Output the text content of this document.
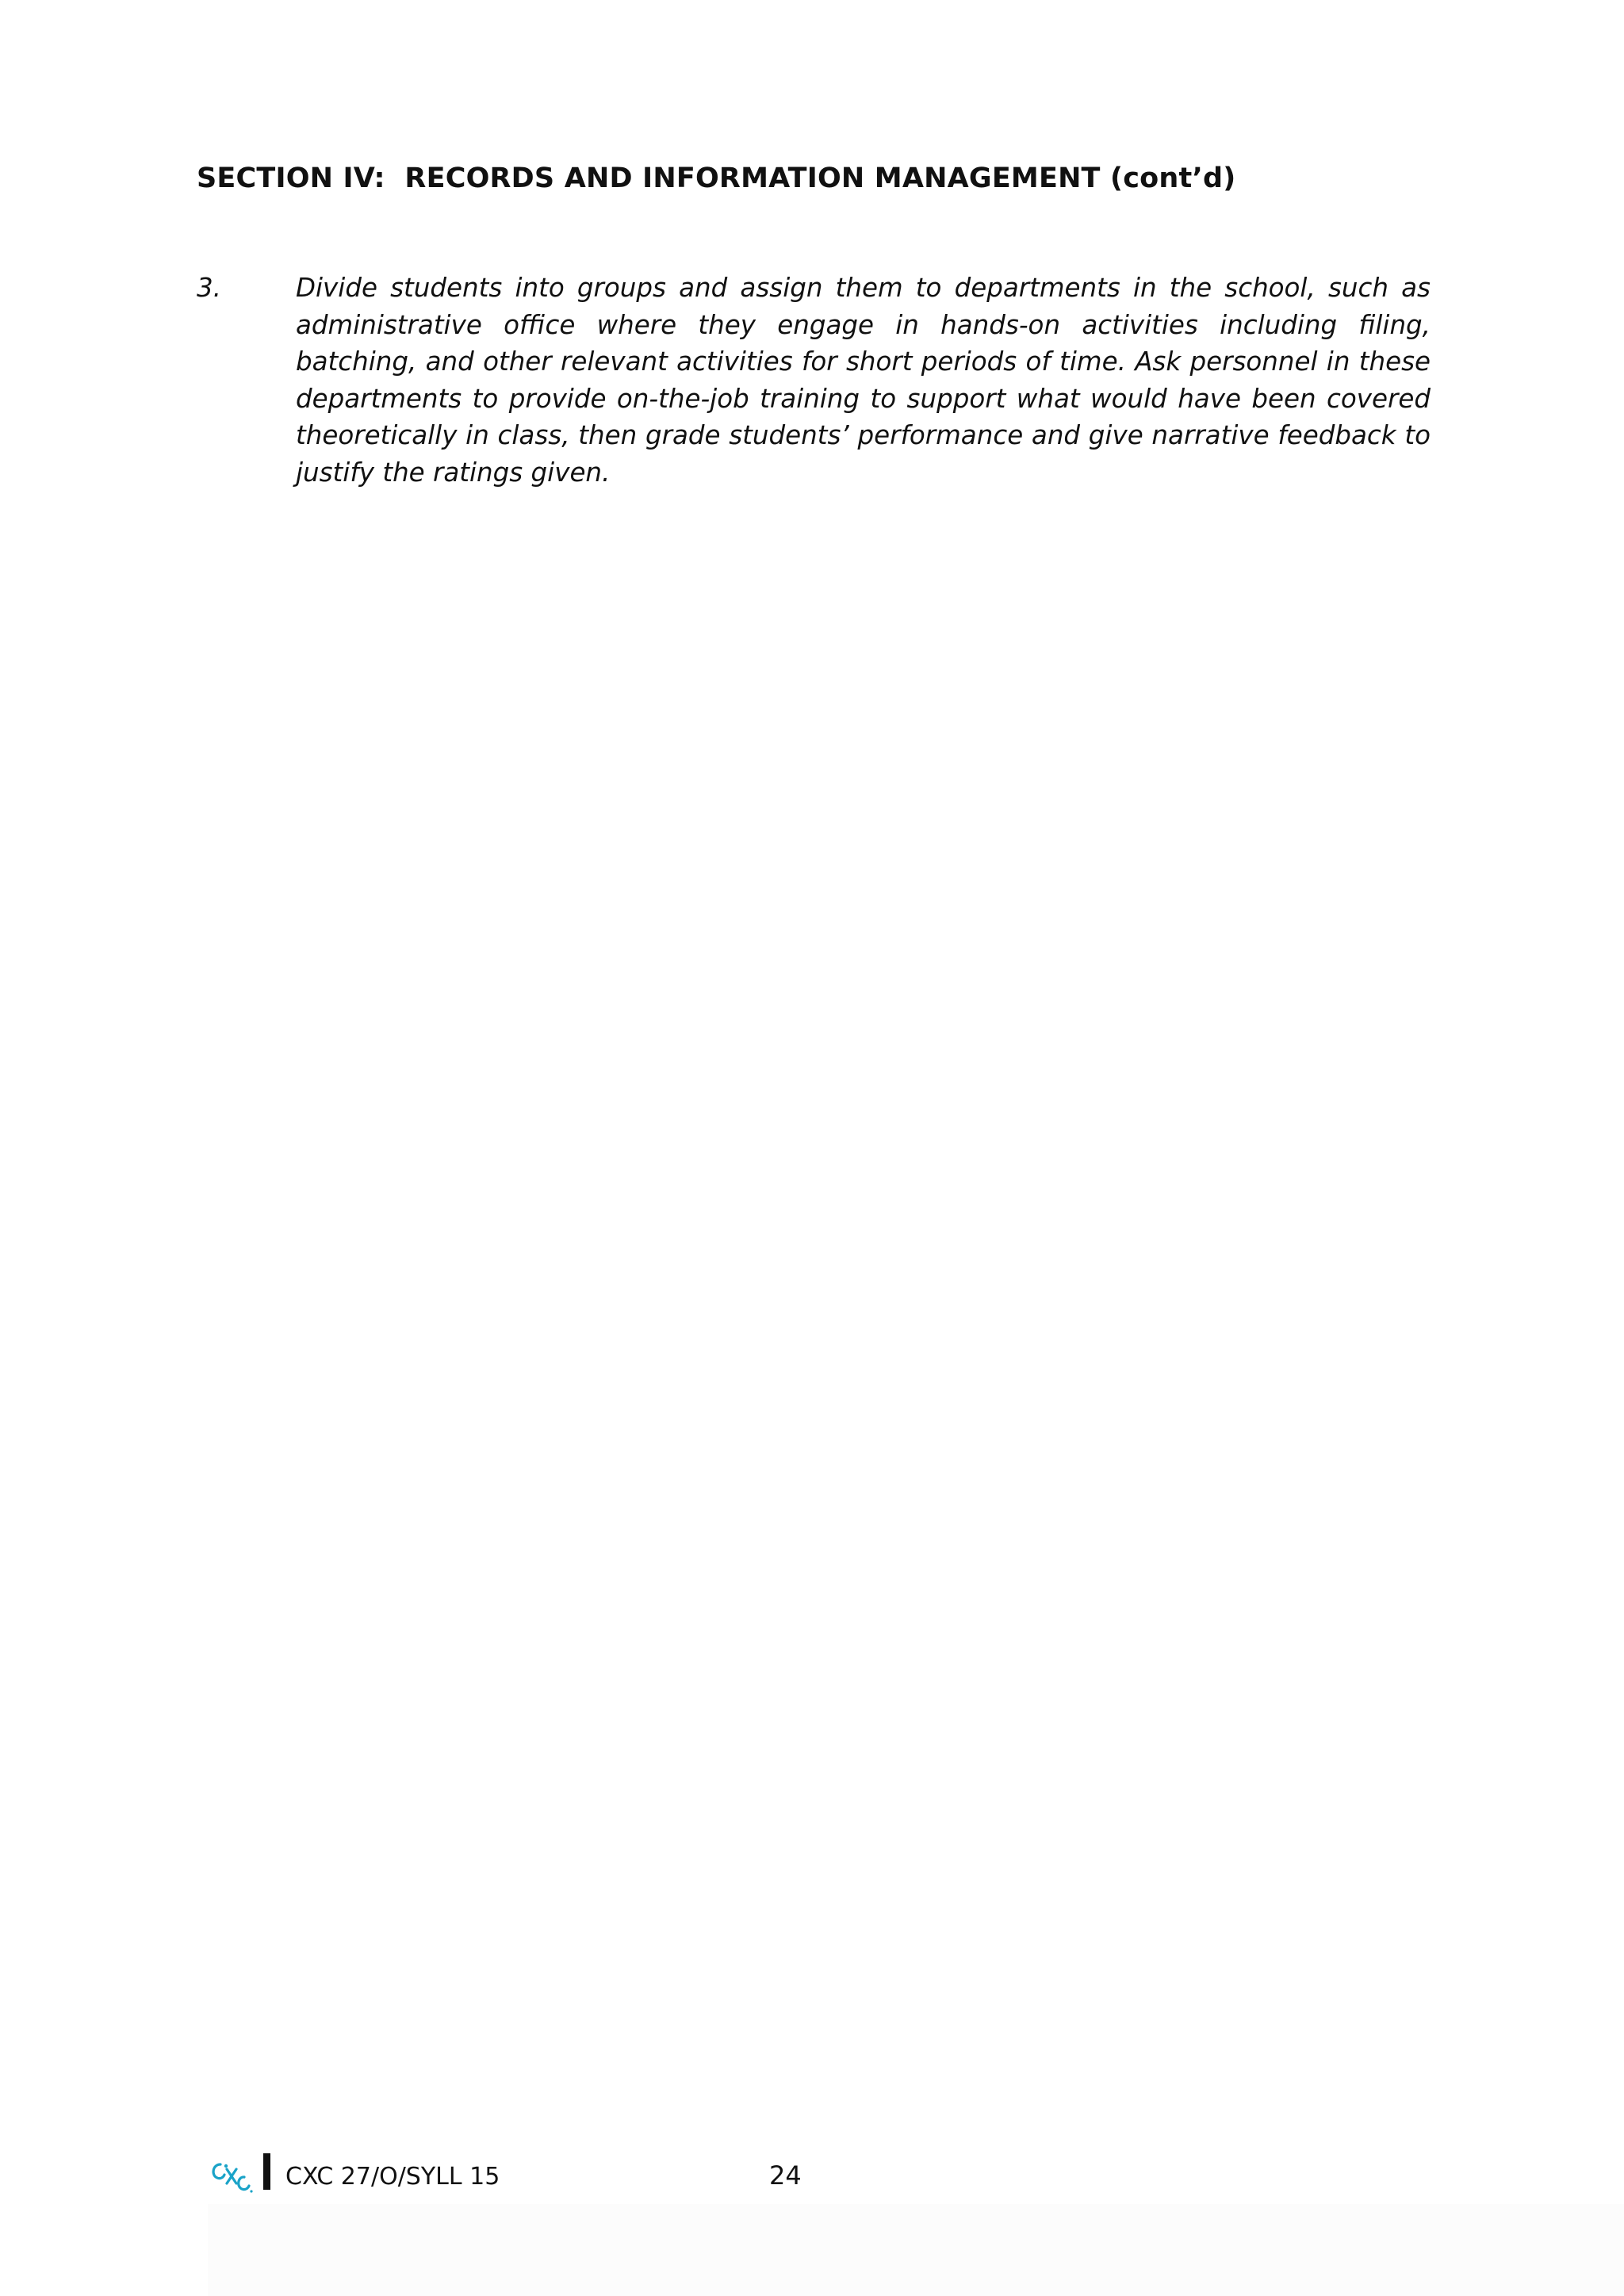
SECTION IV:  RECORDS AND INFORMATION MANAGEMENT (cont’d)
3.	Divide students into groups and assign them to departments in the school, such as administrative office where they engage in hands-on activities including filing, batching, and other relevant activities for short periods of time. Ask personnel in these departments to provide on-the-job training to support what would have been covered theoretically in class, then grade students’ performance and give narrative feedback to justify the ratings given.

CXC 27/O/SYLL 15	24
